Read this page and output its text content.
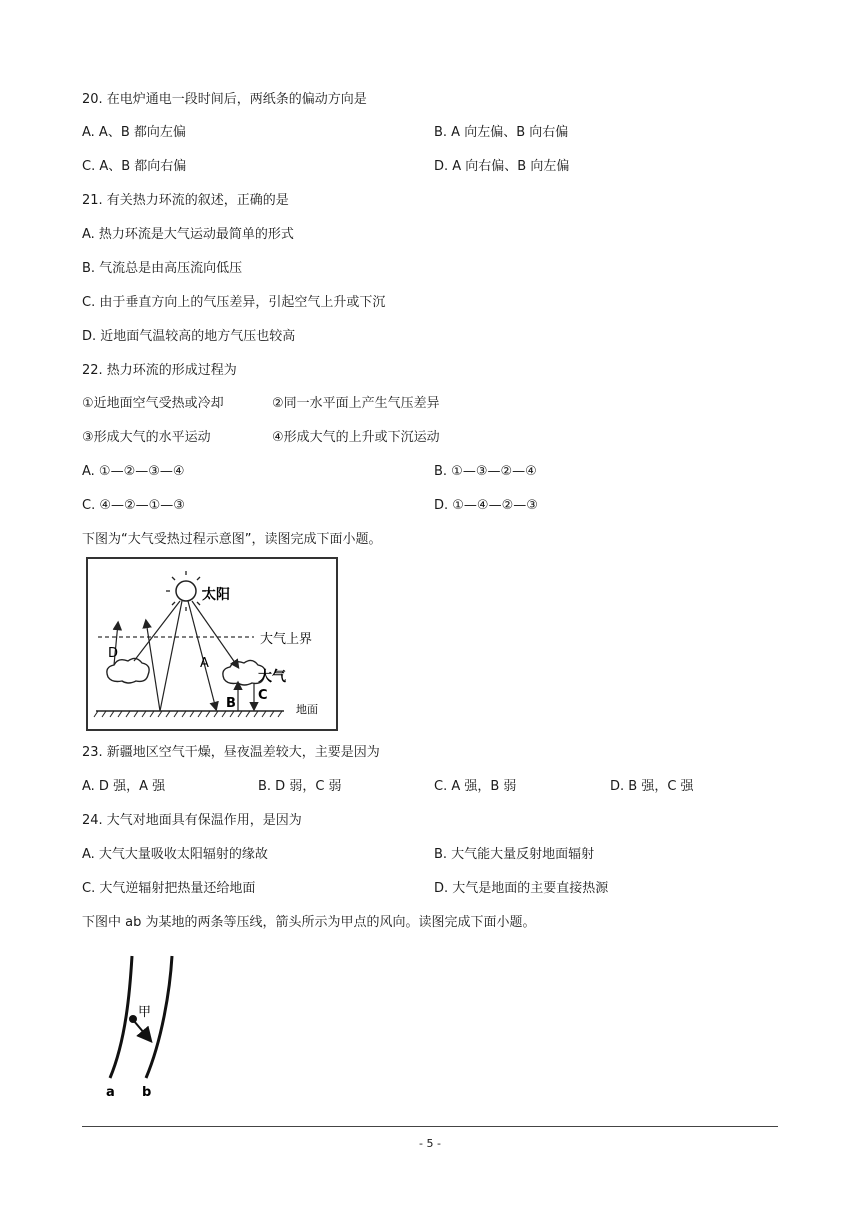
20. 在电炉通电一段时间后，两纸条的偏动方向是
A. A、B 都向左偏	B. A 向左偏、B 向右偏
C. A、B 都向右偏	D. A 向右偏、B 向左偏
21. 有关热力环流的叙述，正确的是
A. 热力环流是大气运动最简单的形式
B. 气流总是由高压流向低压
C. 由于垂直方向上的气压差异，引起空气上升或下沉
D. 近地面气温较高的地方气压也较高
22. 热力环流的形成过程为
①近地面空气受热或冷却	②同一水平面上产生气压差异
③形成大气的水平运动	④形成大气的上升或下沉运动
A. ①—②—③—④	B. ①—③—②—④
C. ④—②—①—③	D. ①—④—②—③
下图为“大气受热过程示意图”，读图完成下面小题。
太阳
大气上界
地面
大气
D
A
B
C
23. 新疆地区空气干燥，昼夜温差较大，主要是因为
A. D 强，A 强	B. D 弱，C 弱	C. A 强，B 弱	D. B 强，C 强
24. 大气对地面具有保温作用，是因为
A. 大气大量吸收太阳辐射的缘故	B. 大气能大量反射地面辐射
C. 大气逆辐射把热量还给地面	D. 大气是地面的主要直接热源
下图中 ab 为某地的两条等压线，箭头所示为甲点的风向。读图完成下面小题。
甲
a b
- 5 -
